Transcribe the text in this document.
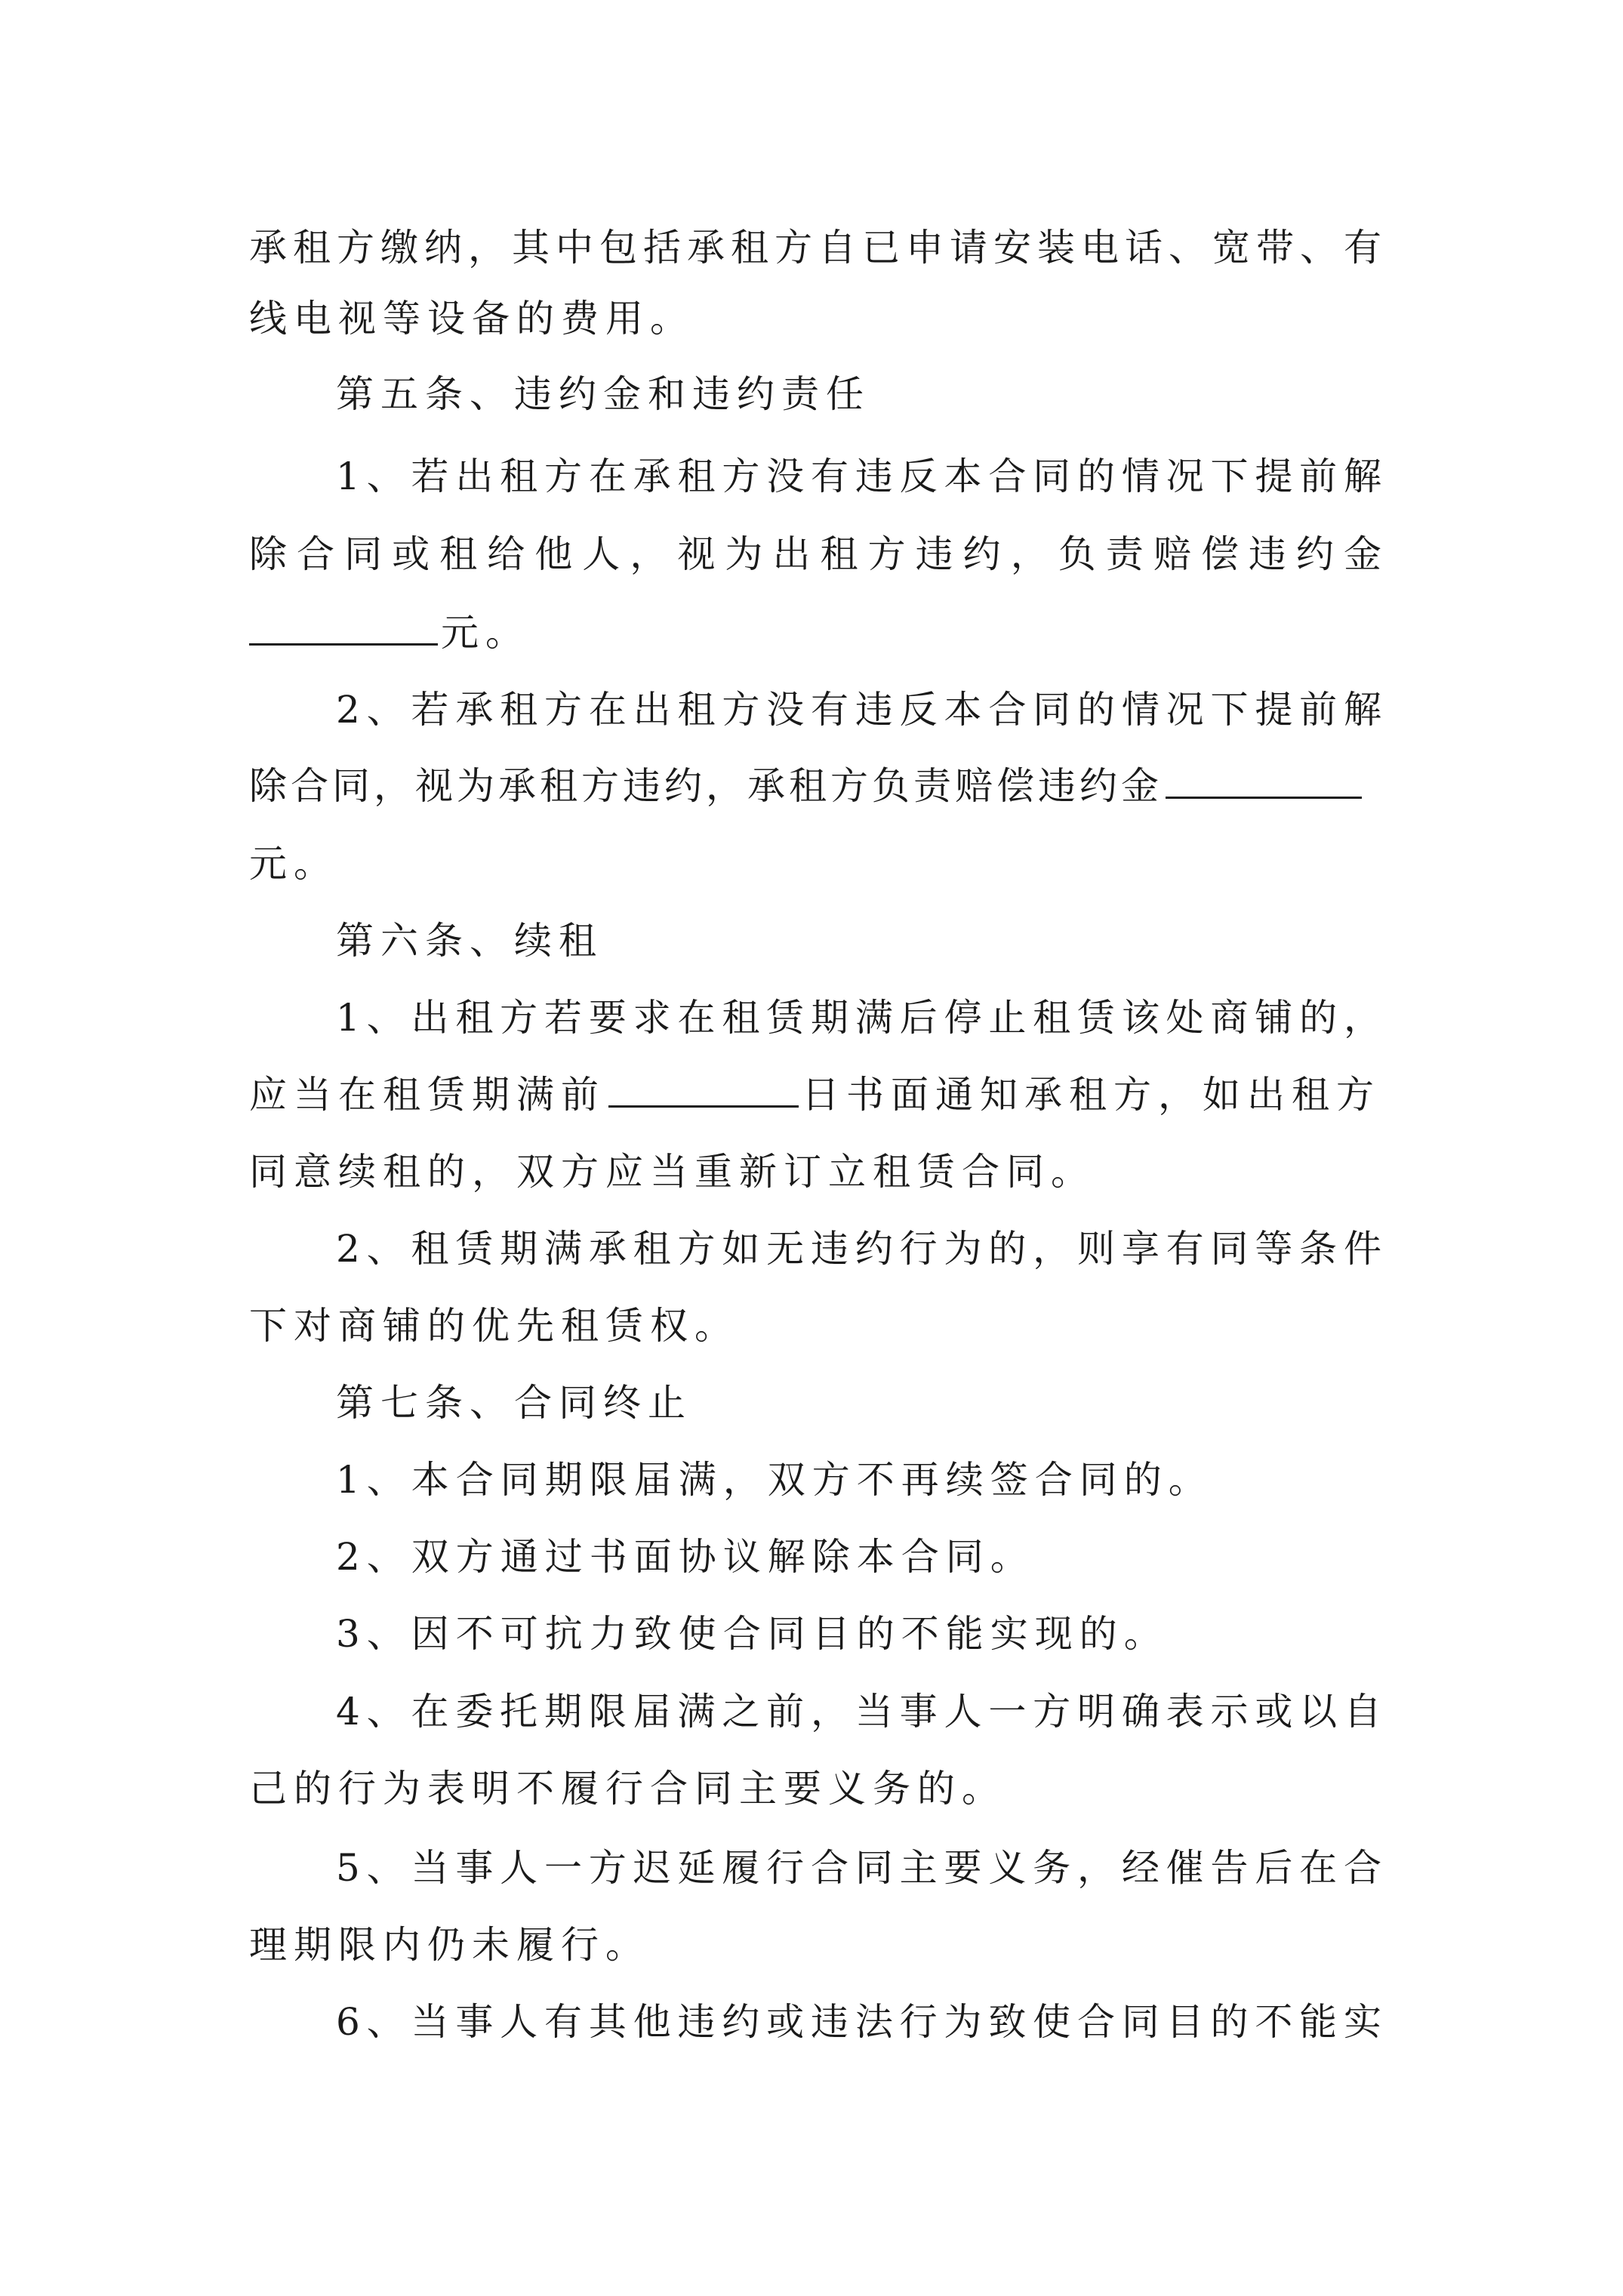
承租方缴纳，其中包括承租方自已申请安装电话、宽带、有
线电视等设备的费用。
第五条、违约金和违约责任
1、若出租方在承租方没有违反本合同的情况下提前解
除合同或租给他人，视为出租方违约，负责赔偿违约金
元。
2、若承租方在出租方没有违反本合同的情况下提前解
除合同，视为承租方违约，承租方负责赔偿违约金
元。
第六条、续租
1、出租方若要求在租赁期满后停止租赁该处商铺的，
应当在租赁期满前	日书面通知承租方，如出租方
同意续租的，双方应当重新订立租赁合同。
2、租赁期满承租方如无违约行为的，则享有同等条件
下对商铺的优先租赁权。
第七条、合同终止
1、本合同期限届满，双方不再续签合同的。
2、双方通过书面协议解除本合同。
3、因不可抗力致使合同目的不能实现的。
4、在委托期限届满之前，当事人一方明确表示或以自
己的行为表明不履行合同主要义务的。
5、当事人一方迟延履行合同主要义务，经催告后在合
理期限内仍未履行。
6、当事人有其他违约或违法行为致使合同目的不能实
